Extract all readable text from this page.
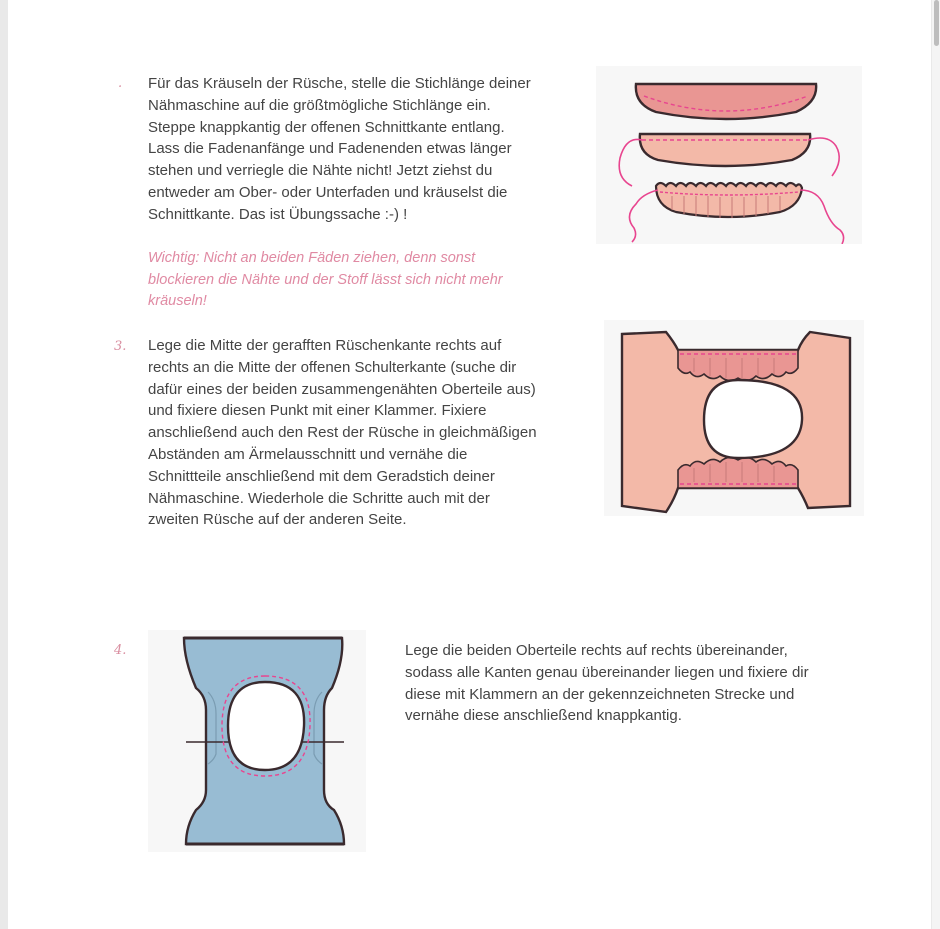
. Für das Kräuseln der Rüsche, stelle die Stichlänge deiner Nähmaschine auf die größtmögliche Stichlänge ein. Steppe knappkantig der offenen Schnittkante entlang. Lass die Fadenanfänge und Fadenenden etwas länger stehen und verriegle die Nähte nicht! Jetzt ziehst du entweder am Ober- oder Unterfaden und kräuselst die Schnittkante. Das ist Übungssache :-) !

Wichtig: Nicht an beiden Fäden ziehen, denn sonst blockieren die Nähte und der Stoff lässt sich nicht mehr kräuseln!

3. Lege die Mitte der gerafften Rüschenkante rechts auf rechts an die Mitte der offenen Schulterkante (suche dir dafür eines der beiden zusammengenähten Oberteile aus) und fixiere diesen Punkt mit einer Klammer. Fixiere anschließend auch den Rest der Rüsche in gleichmäßigen Abständen am Ärmelausschnitt und vernähe die Schnittteile anschließend mit dem Geradstich deiner Nähmaschine. Wiederhole die Schritte auch mit der zweiten Rüsche auf der anderen Seite.

4.	Lege die beiden Oberteile rechts auf rechts übereinander, sodass alle Kanten genau übereinander liegen und fixiere dir diese mit Klammern an der gekennzeichneten Strecke und vernähe diese anschließend knappkantig.
